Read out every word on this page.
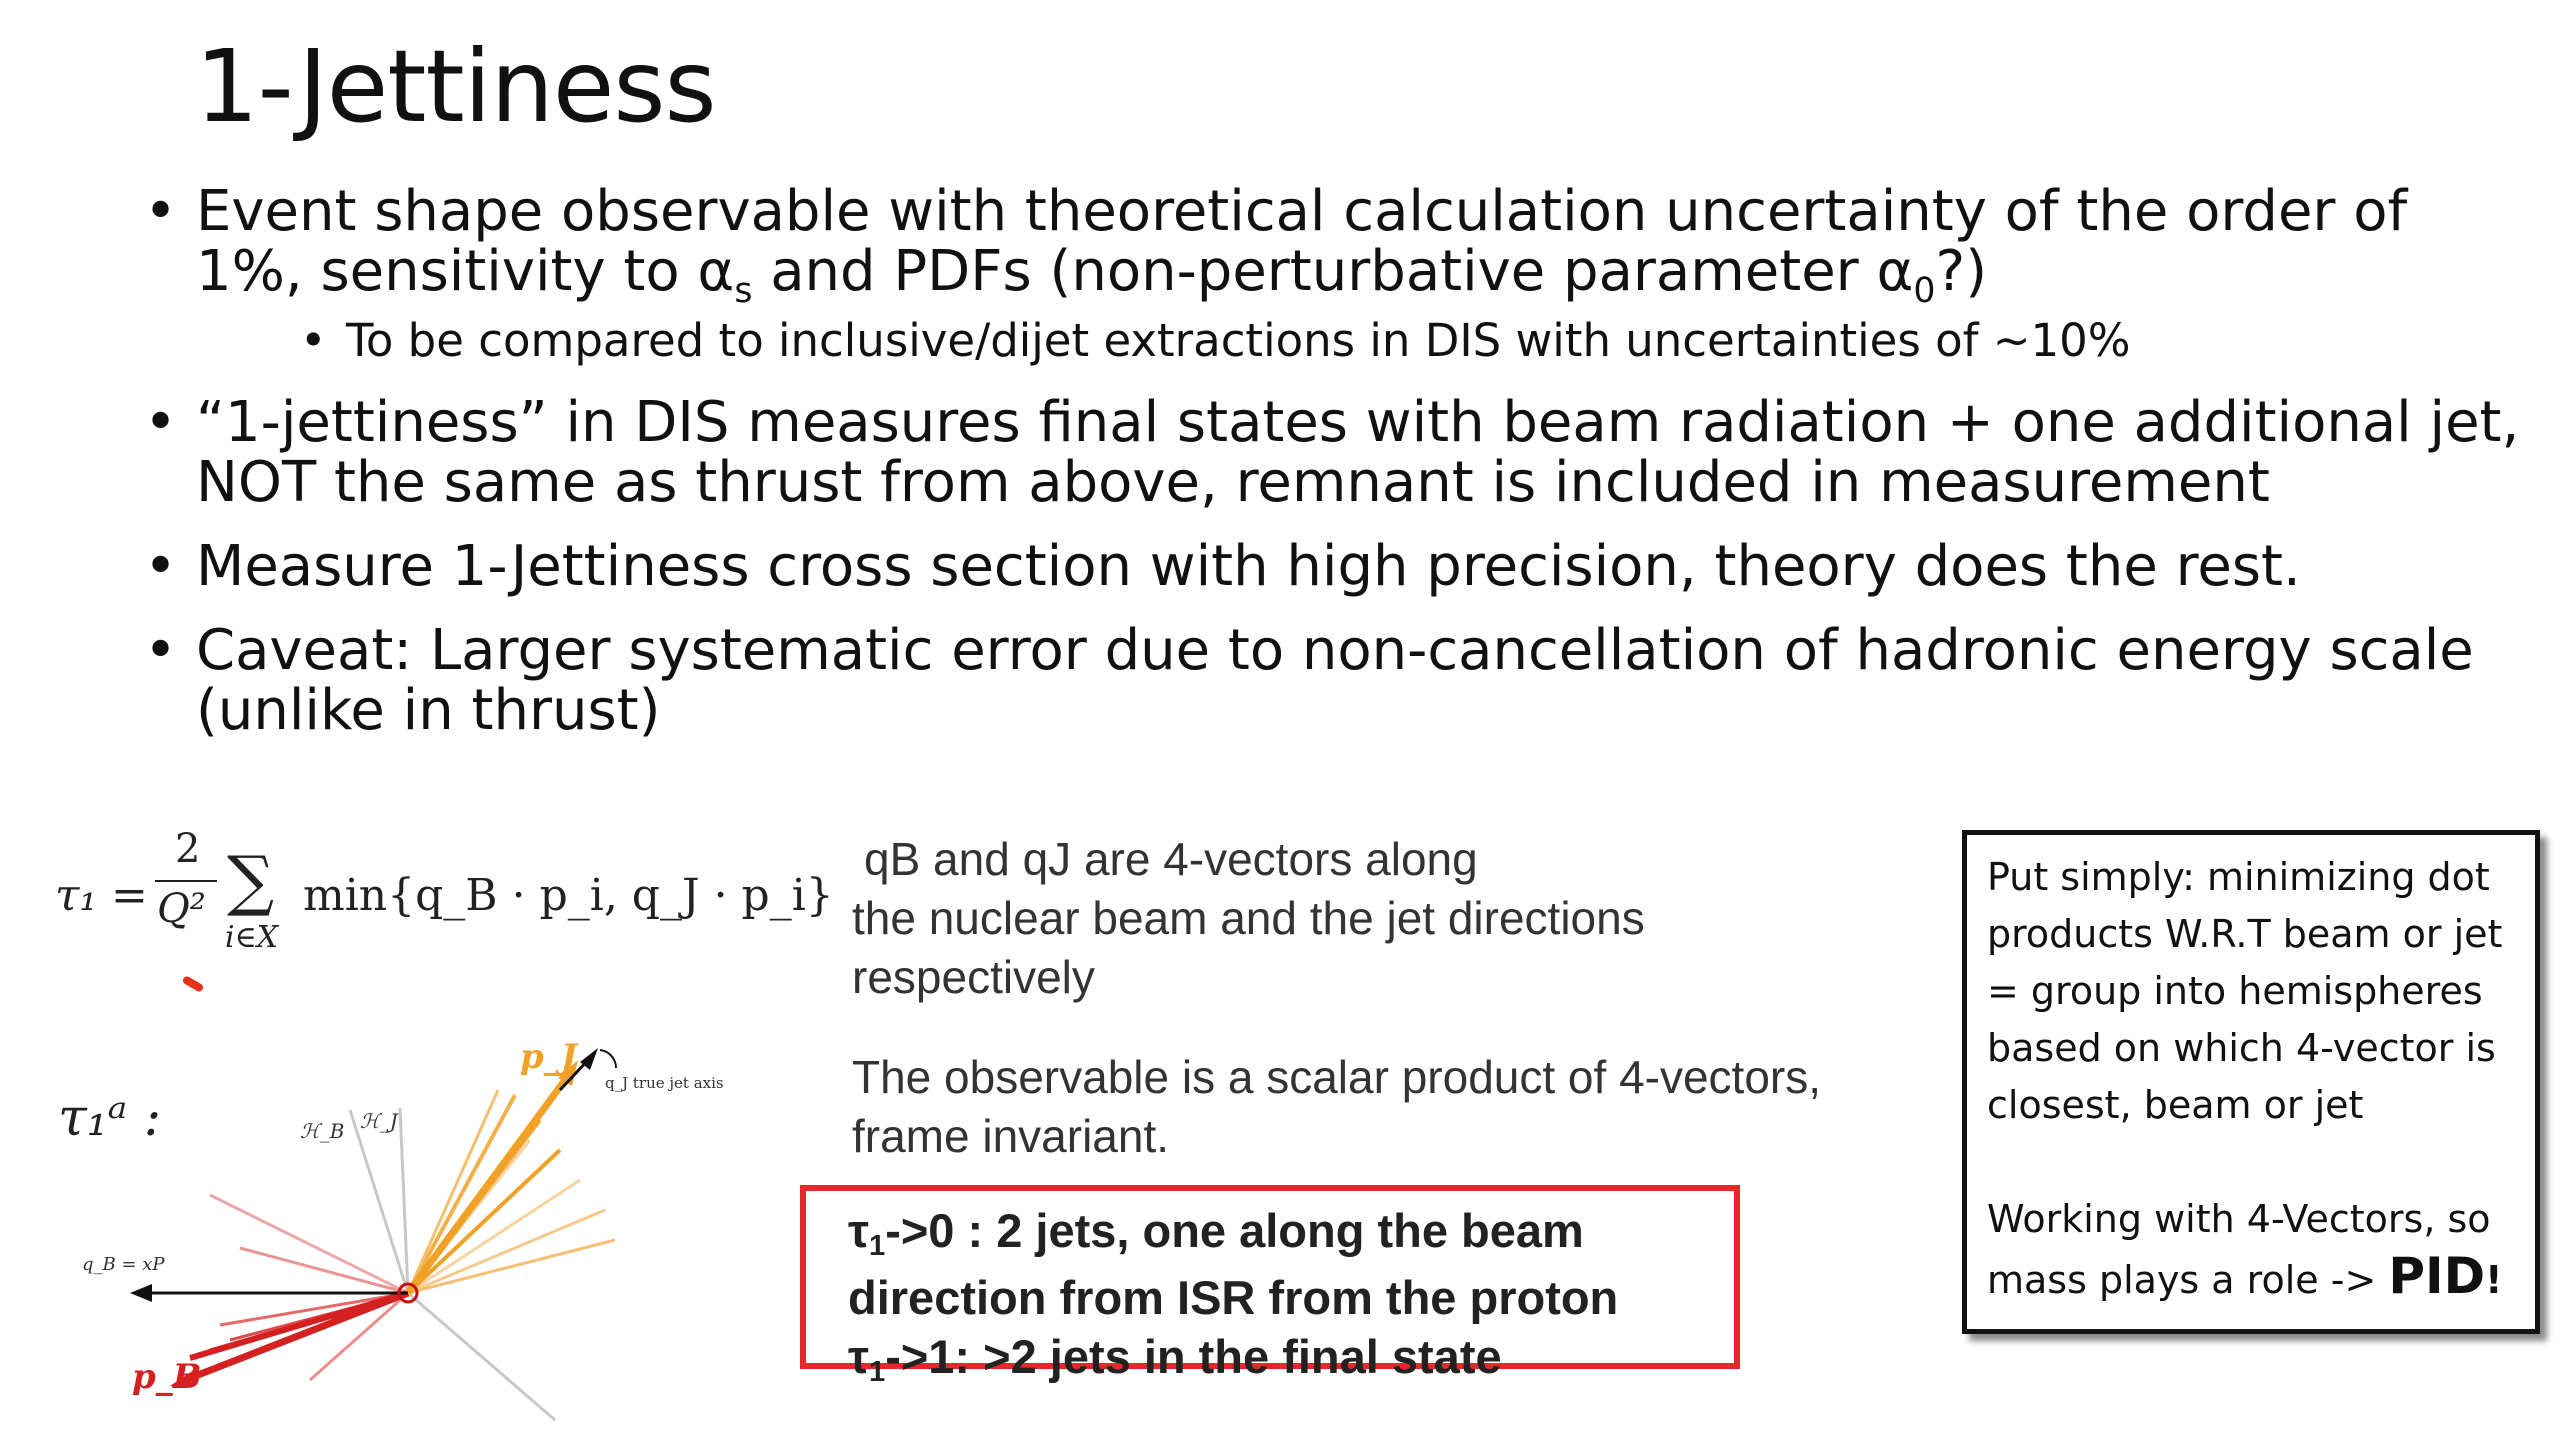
1-Jettiness
• Event shape observable with theoretical calculation uncertainty of the order of
1%, sensitivity to $\alpha_s$ and PDFs (non-perturbative parameter $\alpha_0$?)
• To be compared to inclusive/dijet extractions in DIS with uncertainties of ~10%
• “1-jettiness” in DIS measures final states with beam radiation + one additional jet,
NOT the same as thrust from above, remnant is included in measurement
• Measure 1-Jettiness cross section with high precision, theory does the rest.
• Caveat: Larger systematic error due to non-cancellation of hadronic energy scale
(unlike in thrust)
τ₁ =
2
Q² ∑
i∈X
min{q_B · p_i, q_J · p_i}
τ₁ᵃ :
p_J
q_J true jet axis
ℋ_B ℋ_J
q_B = xP
p_B
qB and qJ are 4-vectors along
the nuclear beam and the jet directions
respectively
The observable is a scalar product of 4-vectors,
frame invariant.
τ1->0 : 2 jets, one along the beam
direction from ISR from the proton
τ1->1: >2 jets in the final state

Put simply: minimizing dot

products W.R.T beam or jet

= group into hemispheres

based on which 4-vector is

closest, beam or jet

Working with 4-Vectors, so

mass plays a role -> PID!
